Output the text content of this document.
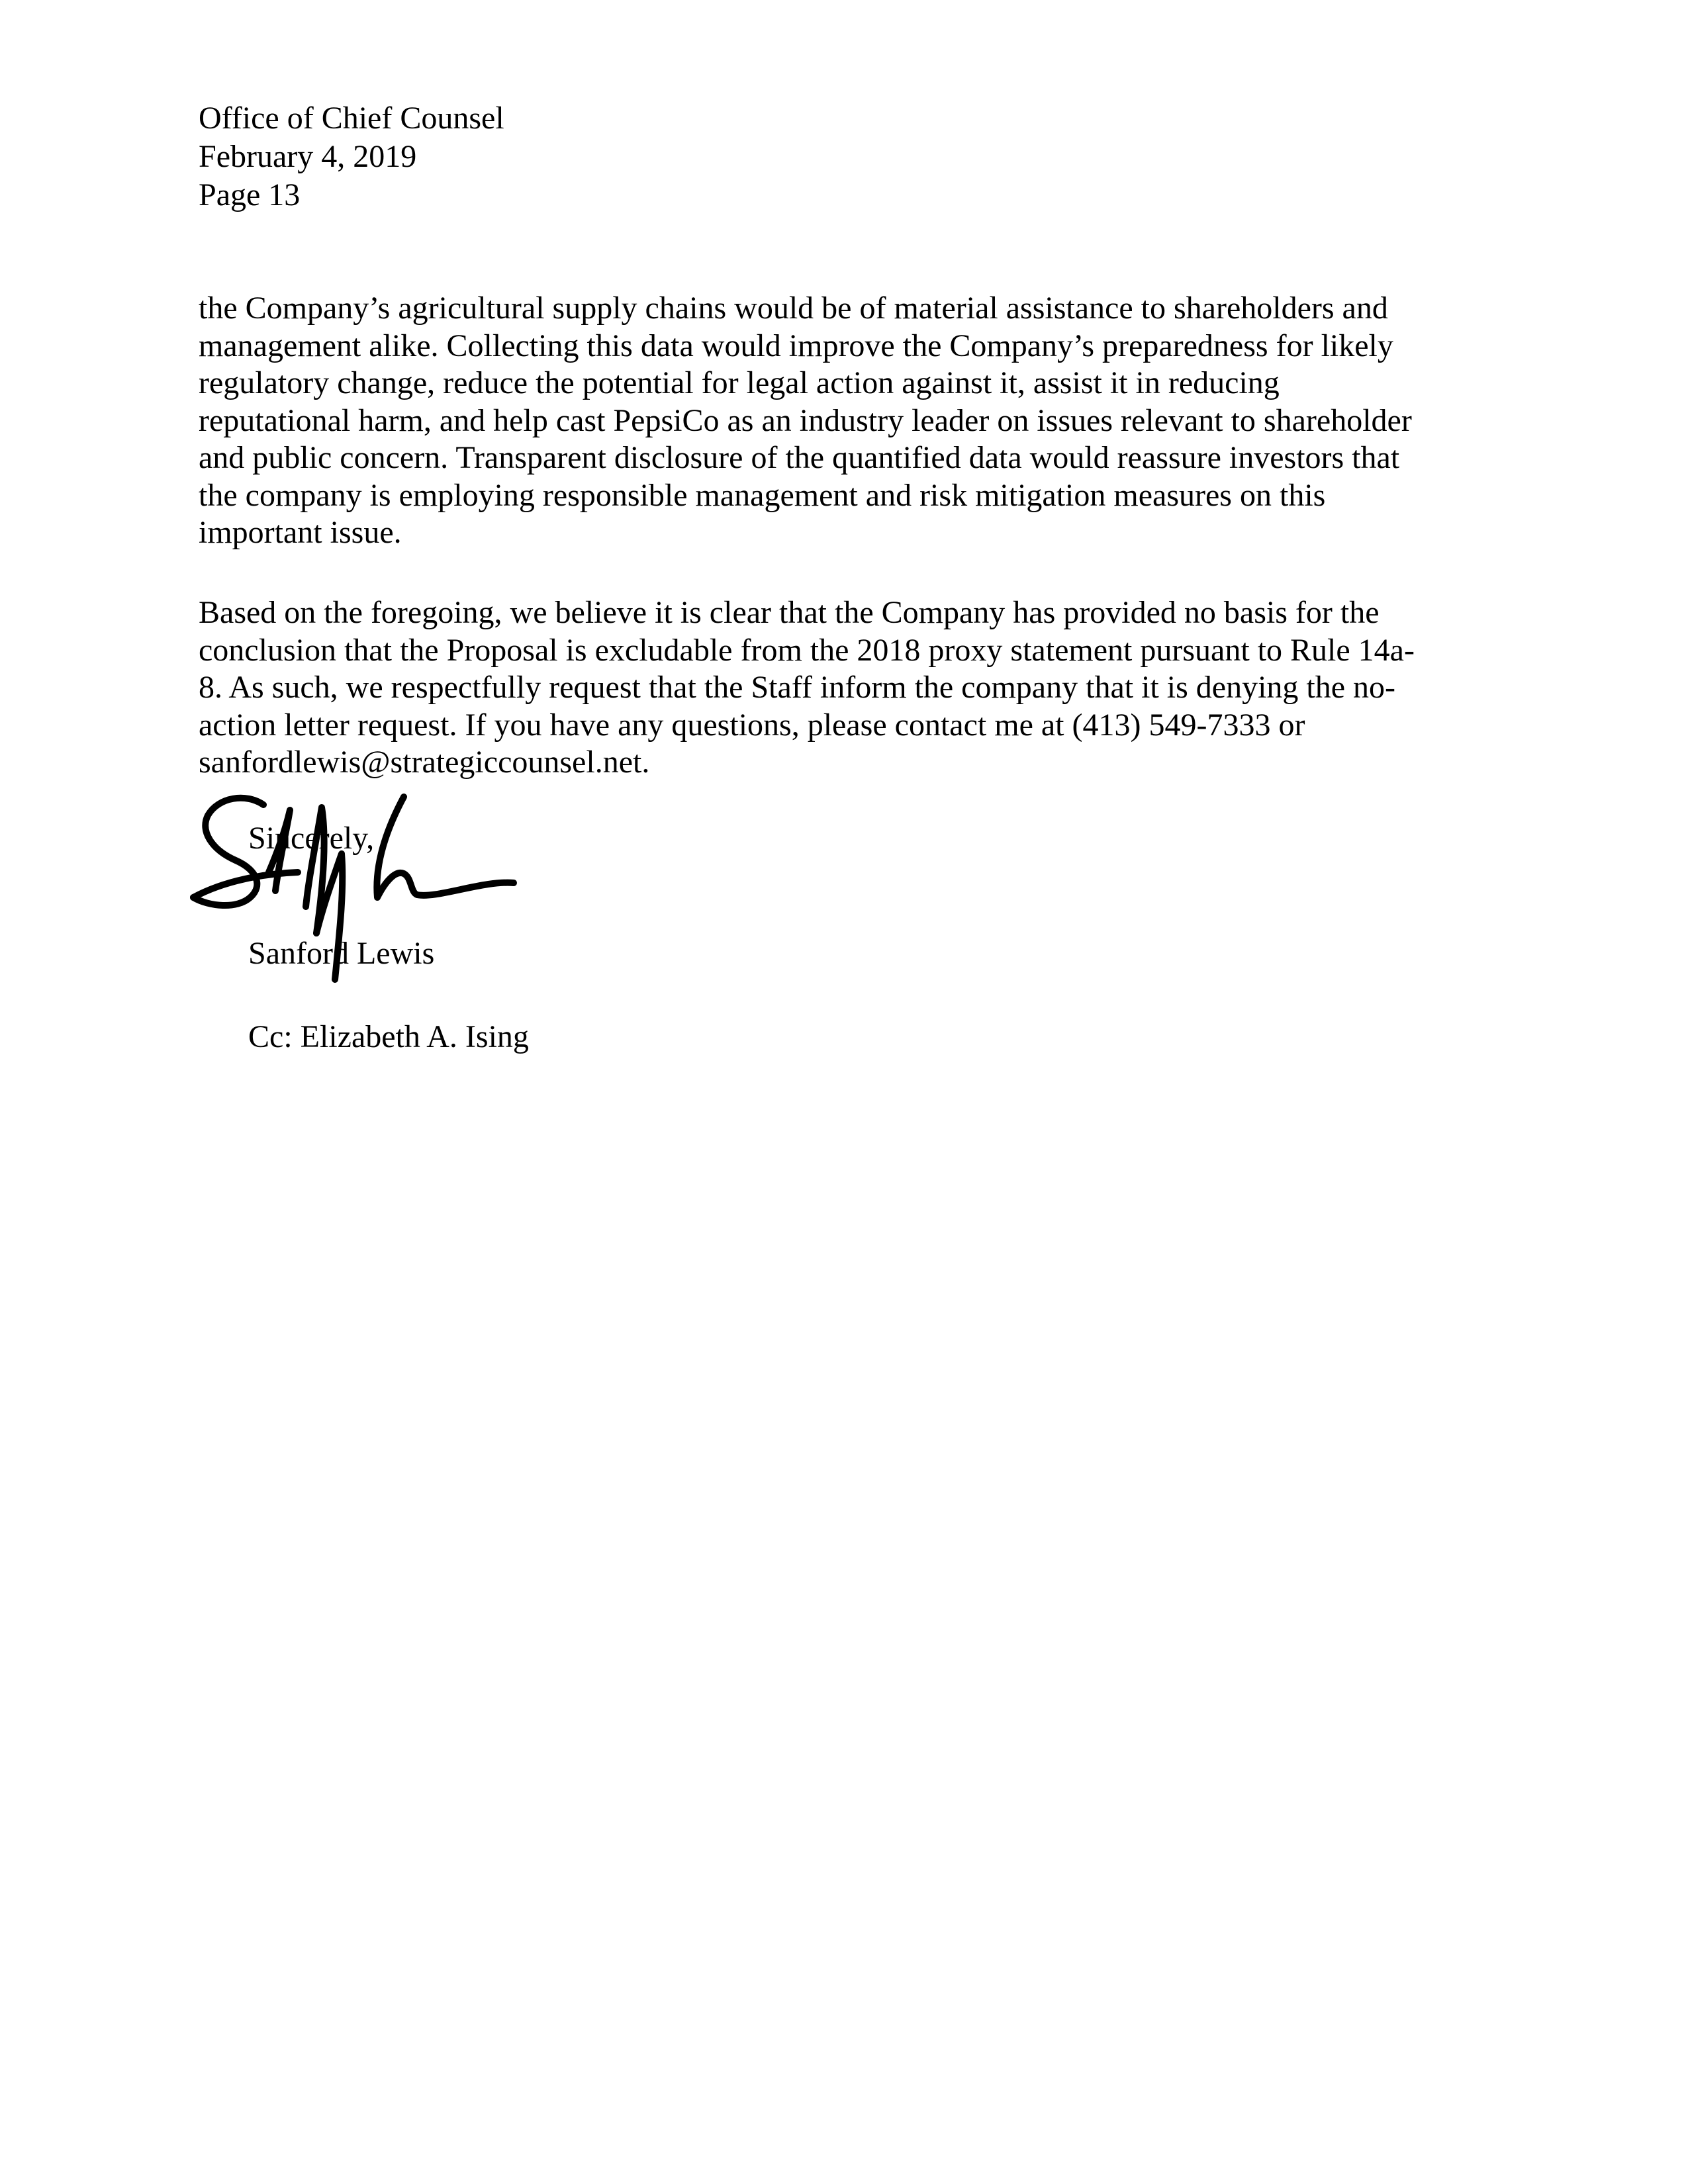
Office of Chief Counsel
February 4, 2019
Page 13

the Company’s agricultural supply chains would be of material assistance to shareholders and
management alike. Collecting this data would improve the Company’s preparedness for likely
regulatory change, reduce the potential for legal action against it, assist it in reducing
reputational harm, and help cast PepsiCo as an industry leader on issues relevant to shareholder
and public concern. Transparent disclosure of the quantified data would reassure investors that
the company is employing responsible management and risk mitigation measures on this
important issue.

Based on the foregoing, we believe it is clear that the Company has provided no basis for the
conclusion that the Proposal is excludable from the 2018 proxy statement pursuant to Rule 14a-
8. As such, we respectfully request that the Staff inform the company that it is denying the no-
action letter request. If you have any questions, please contact me at (413) 549-7333 or
sanfordlewis@strategiccounsel.net.

Sincerely,
Sanford Lewis
Cc: Elizabeth A. Ising
